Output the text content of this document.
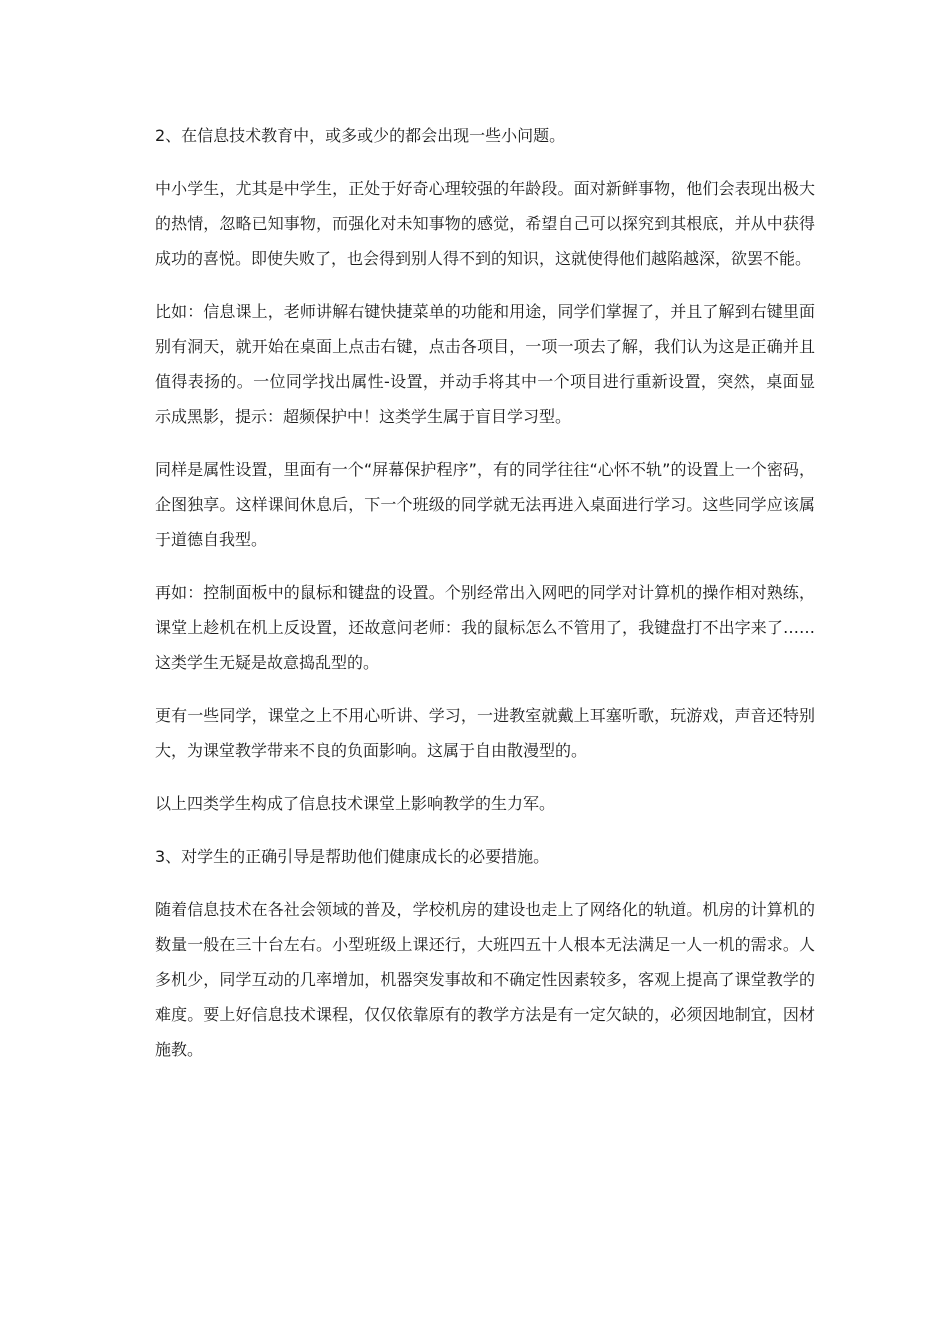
2、在信息技术教育中，或多或少的都会出现一些小问题。

中小学生，尤其是中学生，正处于好奇心理较强的年龄段。面对新鲜事物，他们会表现出极大的热情，忽略已知事物，而强化对未知事物的感觉，希望自己可以探究到其根底，并从中获得成功的喜悦。即使失败了，也会得到别人得不到的知识，这就使得他们越陷越深，欲罢不能。

比如：信息课上，老师讲解右键快捷菜单的功能和用途，同学们掌握了，并且了解到右键里面别有洞天，就开始在桌面上点击右键，点击各项目，一项一项去了解，我们认为这是正确并且值得表扬的。一位同学找出属性-设置，并动手将其中一个项目进行重新设置，突然，桌面显示成黑影，提示：超频保护中！这类学生属于盲目学习型。

同样是属性设置，里面有一个“屏幕保护程序”，有的同学往往“心怀不轨”的设置上一个密码，企图独享。这样课间休息后，下一个班级的同学就无法再进入桌面进行学习。这些同学应该属于道德自我型。

再如：控制面板中的鼠标和键盘的设置。个别经常出入网吧的同学对计算机的操作相对熟练，课堂上趁机在机上反设置，还故意问老师：我的鼠标怎么不管用了，我键盘打不出字来了……这类学生无疑是故意捣乱型的。

更有一些同学，课堂之上不用心听讲、学习，一进教室就戴上耳塞听歌，玩游戏，声音还特别大，为课堂教学带来不良的负面影响。这属于自由散漫型的。

以上四类学生构成了信息技术课堂上影响教学的生力军。

3、对学生的正确引导是帮助他们健康成长的必要措施。

随着信息技术在各社会领域的普及，学校机房的建设也走上了网络化的轨道。机房的计算机的数量一般在三十台左右。小型班级上课还行，大班四五十人根本无法满足一人一机的需求。人多机少，同学互动的几率增加，机器突发事故和不确定性因素较多，客观上提高了课堂教学的难度。要上好信息技术课程，仅仅依靠原有的教学方法是有一定欠缺的，必须因地制宜，因材施教。
